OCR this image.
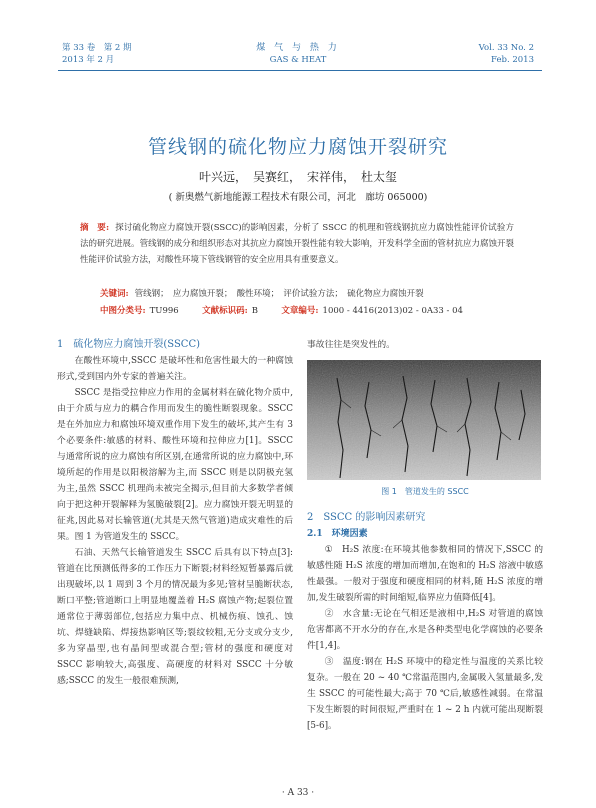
第 33 卷　第 2 期
2013 年 2 月
煤 气 与 热 力
GAS & HEAT
Vol. 33 No. 2
Feb. 2013
管线钢的硫化物应力腐蚀开裂研究
叶兴远，　吴赛红，　宋祥伟，　杜太玺
( 新奥燃气新地能源工程技术有限公司，河北　廊坊 065000)
摘　要: 探讨硫化物应力腐蚀开裂(SSCC)的影响因素，分析了 SSCC 的机理和管线钢抗应力腐蚀性能评价试验方法的研究进展。管线钢的成分和组织形态对其抗应力腐蚀开裂性能有较大影响，开发科学全面的管材抗应力腐蚀开裂性能评价试验方法，对酸性环境下管线钢管的安全应用具有重要意义。
关键词: 管线钢；　应力腐蚀开裂；　酸性环境；　评价试验方法；　硫化物应力腐蚀开裂
中图分类号: TU996	文献标识码: B	文章编号: 1000 - 4416(2013)02 - 0A33 - 04

1　硫化物应力腐蚀开裂(SSCC)

在酸性环境中,SSCC 是破坏性和危害性最大的一种腐蚀形式,受到国内外专家的普遍关注。

SSCC 是指受拉伸应力作用的金属材料在硫化物介质中,由于介质与应力的耦合作用而发生的脆性断裂现象。SSCC 是在外加应力和腐蚀环境双重作用下发生的破坏,其产生有 3 个必要条件:敏感的材料、酸性环境和拉伸应力[1]。SSCC 与通常所说的应力腐蚀有所区别,在通常所说的应力腐蚀中,环境所起的作用是以阳极溶解为主,而 SSCC 则是以阴极充氢为主,虽然 SSCC 机理尚未被完全揭示,但目前大多数学者倾向于把这种开裂解释为氢脆破裂[2]。应力腐蚀开裂无明显的征兆,因此易对长输管道(尤其是天然气管道)造成灾难性的后果。图 1 为管道发生的 SSCC。

石油、天然气长输管道发生 SSCC 后具有以下特点[3]:管道在比预测低得多的工作压力下断裂;材料经短暂暴露后就出现破坏,以 1 周到 3 个月的情况最为多见;管材呈脆断状态,断口平整;管道断口上明显地覆盖着 H₂S 腐蚀产物;起裂位置通常位于薄弱部位,包括应力集中点、机械伤痕、蚀孔、蚀坑、焊缝缺陷、焊接热影响区等;裂纹较粗,无分支或分支少,多为穿晶型,也有晶间型或混合型;管材的强度和硬度对 SSCC 影响较大,高强度、高硬度的材料对 SSCC 十分敏感;SSCC 的发生一般很难预测,

事故往往是突发性的。

图 1　管道发生的 SSCC

2　SSCC 的影响因素研究

2.1　环境因素

①　H₂S 浓度:在环境其他参数相同的情况下,SSCC 的敏感性随 H₂S 浓度的增加而增加,在饱和的 H₂S 溶液中敏感性最强。一般对于强度和硬度相同的材料,随 H₂S 浓度的增加,发生破裂所需的时间缩短,临界应力值降低[4]。

②　水含量:无论在气相还是液相中,H₂S 对管道的腐蚀危害都离不开水分的存在,水是各种类型电化学腐蚀的必要条件[1,4]。

③　温度:钢在 H₂S 环境中的稳定性与温度的关系比较复杂。一般在 20 ~ 40 ℃常温范围内,金属吸入氢量最多,发生 SSCC 的可能性最大;高于 70 ℃后,敏感性减弱。在常温下发生断裂的时间很短,严重时在 1 ~ 2 h 内就可能出现断裂[5-6]。

· A 33 ·
